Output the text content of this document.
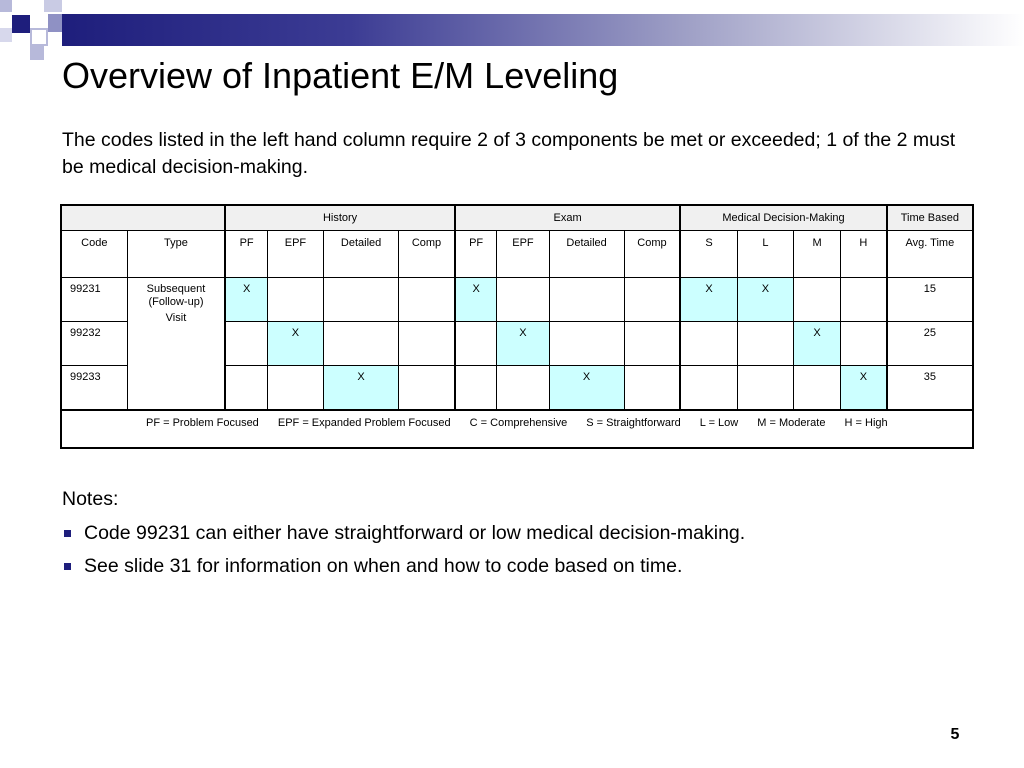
Overview of Inpatient E/M Leveling

The codes listed in the left hand column require 2 of 3 components be met or exceeded; 1 of the 2 must be medical decision-making.

		History				Exam				Medical Decision-Making				Time Based
Code	Type	PF	EPF	Detailed	Comp	PF	EPF	Detailed	Comp	S	L	M	H	Avg. Time
99231	Subsequent
(Follow-up)
Visit	X				X				X	X			15
99232			X				X					X		25
99233				X				X					X	35
PF = Problem Focused EPF = Expanded Problem Focused C = Comprehensive S = Straightforward L = Low M = Moderate H = High														

Notes:

Code 99231 can either have straightforward or low medical decision-making.
See slide 31 for information on when and how to code based on time.
5
